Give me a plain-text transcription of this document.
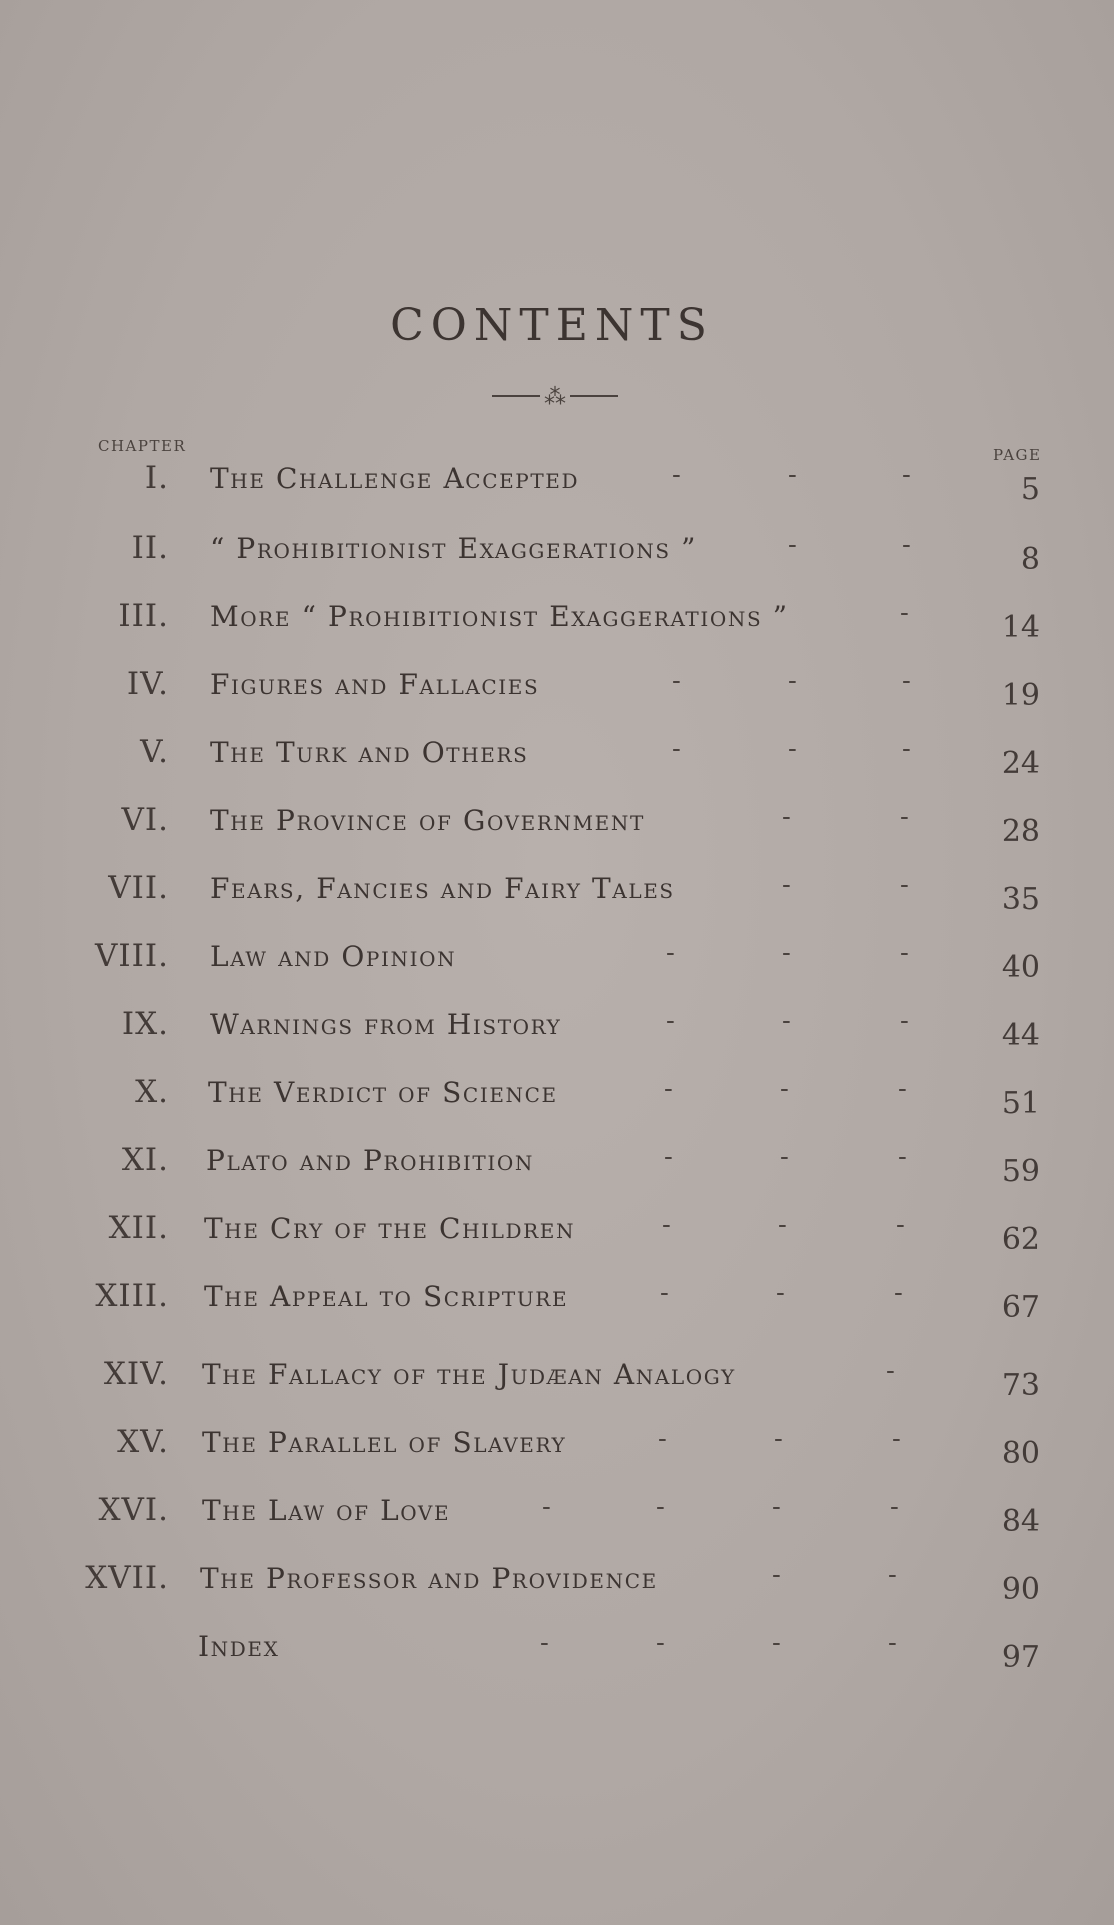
CONTENTS
⁂
CHAPTER	PAGE
I. The Challenge Accepted	-	-	-	5
II. “ Prohibitionist Exaggerations ”	-	-	8
III. More “ Prohibitionist Exaggerations ”	-	14
IV. Figures and Fallacies	-	-	-	19
V. The Turk and Others	-	-	-	24
VI. The Province of Government	-	-	28
VII. Fears, Fancies and Fairy Tales	-	-	35
VIII. Law and Opinion	-	-	-	40
IX. Warnings from History	-	-	-	44
X. The Verdict of Science	-	-	-	51
XI. Plato and Prohibition	-	-	-	59
XII. The Cry of the Children	-	-	-	62
XIII. The Appeal to Scripture	-	-	-	67
XIV. The Fallacy of the Judæan Analogy	-	73
XV. The Parallel of Slavery	-	-	-	80
XVI. The Law of Love	-	-	-	-	84
XVII. The Professor and Providence	-	-	90
Index	-	-	-	-	97
